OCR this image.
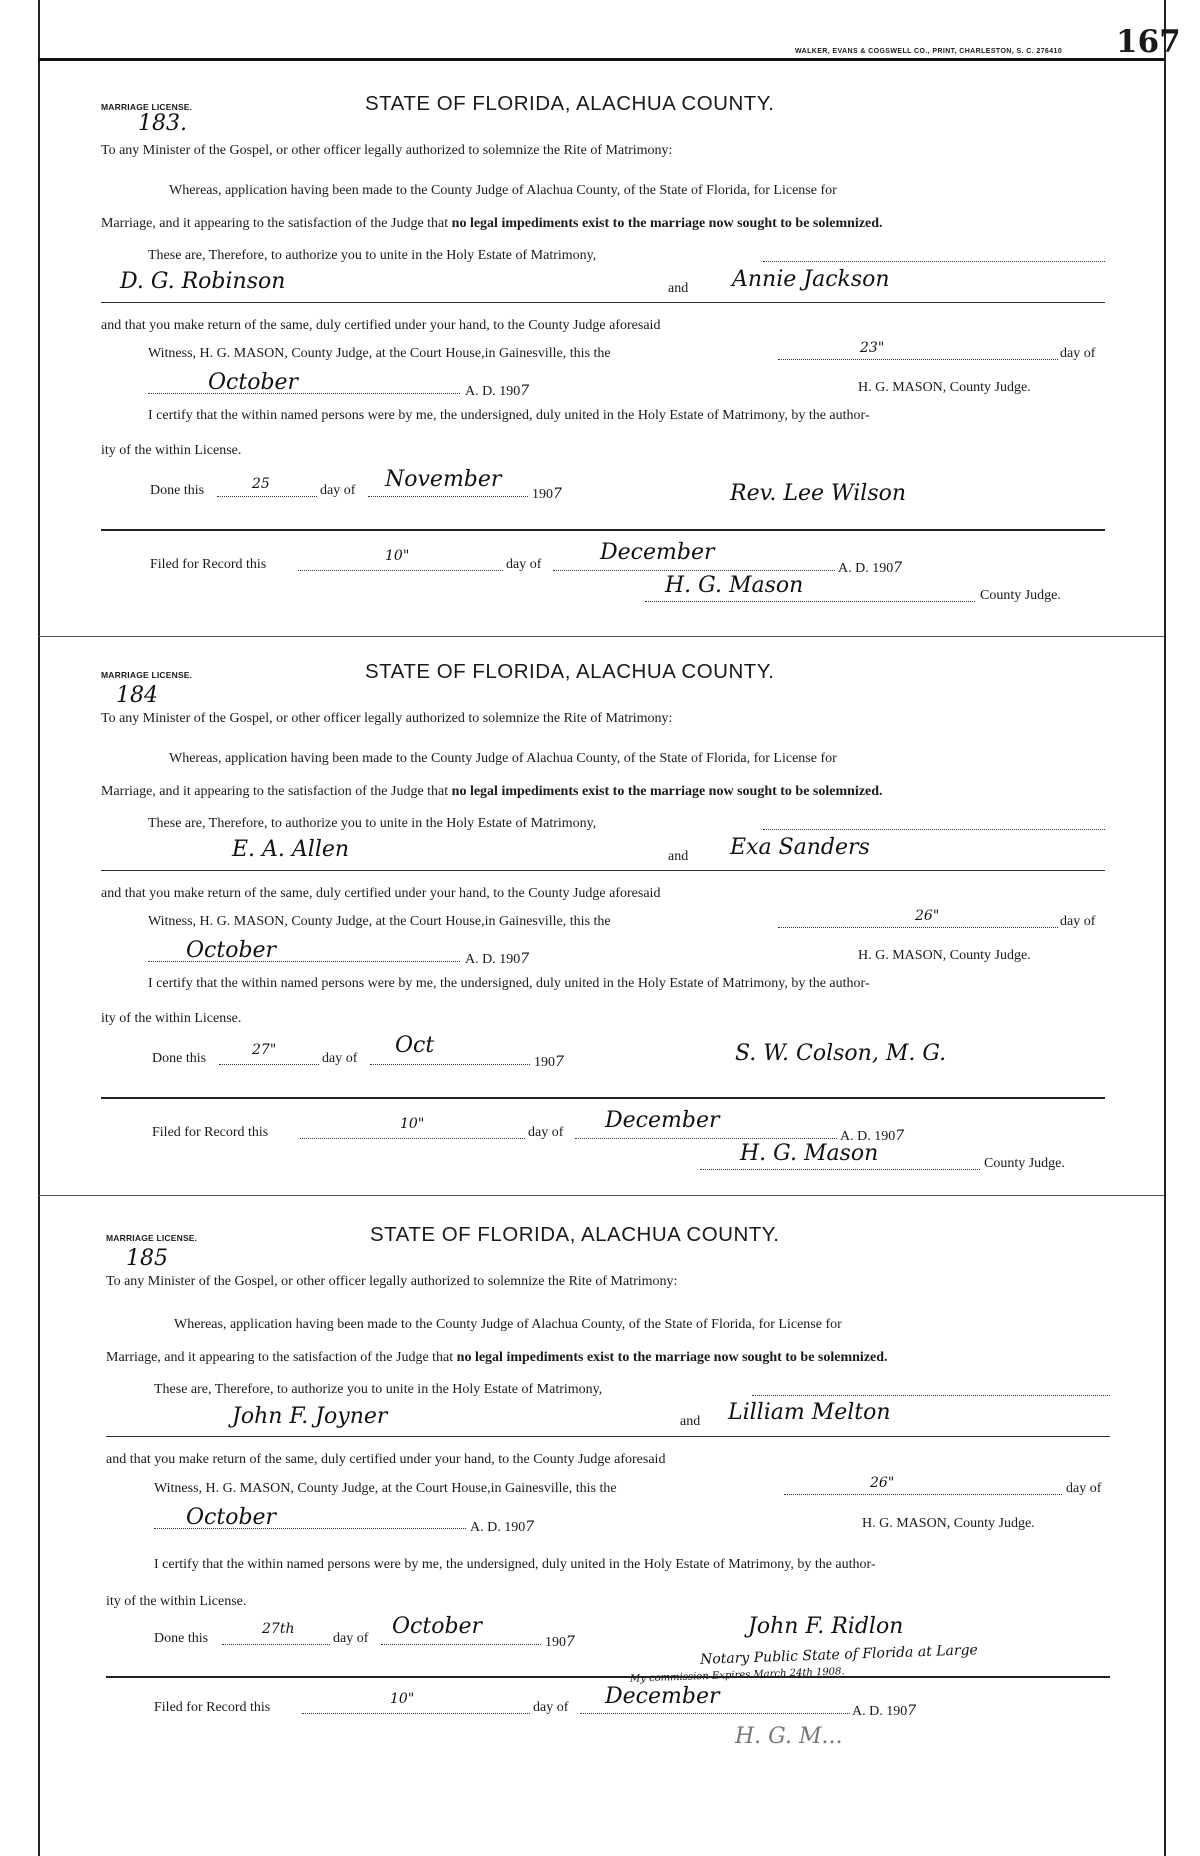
WALKER, EVANS & COGSWELL CO., PRINT, CHARLESTON, S. C. 276410 167
MARRIAGE LICENSE.
183.
STATE OF FLORIDA, ALACHUA COUNTY.
To any Minister of the Gospel, or other officer legally authorized to solemnize the Rite of Matrimony:
Whereas, application having been made to the County Judge of Alachua County, of the State of Florida, for License for
Marriage, and it appearing to the satisfaction of the Judge that no legal impediments exist to the marriage now sought to be solemnized.
These are, Therefore, to authorize you to unite in the Holy Estate of Matrimony,
D. G. Robinson	and Annie Jackson
and that you make return of the same, duly certified under your hand, to the County Judge aforesaid
Witness, H. G. MASON, County Judge, at the Court House,in Gainesville, this the	23"	day of
October	A. D. 1907	H. G. MASON, County Judge.
I certify that the within named persons were by me, the undersigned, duly united in the Holy Estate of Matrimony, by the author-
ity of the within License.
Done this	25	day of November
1907	Rev. Lee Wilson
Filed for Record this
10"
day of	December
A. D. 1907
H. G. Mason	County Judge.
MARRIAGE LICENSE.
184
STATE OF FLORIDA, ALACHUA COUNTY.
To any Minister of the Gospel, or other officer legally authorized to solemnize the Rite of Matrimony:
Whereas, application having been made to the County Judge of Alachua County, of the State of Florida, for License for
Marriage, and it appearing to the satisfaction of the Judge that no legal impediments exist to the marriage now sought to be solemnized.
These are, Therefore, to authorize you to unite in the Holy Estate of Matrimony,
E. A. Allen	and Exa Sanders
and that you make return of the same, duly certified under your hand, to the County Judge aforesaid
Witness, H. G. MASON, County Judge, at the Court House,in Gainesville, this the	26"	day of
October	A. D. 1907	H. G. MASON, County Judge.
I certify that the within named persons were by me, the undersigned, duly united in the Holy Estate of Matrimony, by the author-
ity of the within License.
Done this
27"
day of
Oct
1907	S. W. Colson, M. G.
Filed for Record this
10"
day of December
A. D. 1907
H. G. Mason	County Judge.
MARRIAGE LICENSE.
185
STATE OF FLORIDA, ALACHUA COUNTY.
To any Minister of the Gospel, or other officer legally authorized to solemnize the Rite of Matrimony:
Whereas, application having been made to the County Judge of Alachua County, of the State of Florida, for License for
Marriage, and it appearing to the satisfaction of the Judge that no legal impediments exist to the marriage now sought to be solemnized.
These are, Therefore, to authorize you to unite in the Holy Estate of Matrimony,
John F. Joyner	and Lilliam Melton
and that you make return of the same, duly certified under your hand, to the County Judge aforesaid
Witness, H. G. MASON, County Judge, at the Court House,in Gainesville, this the	26"	day of
October	A. D. 1907	H. G. MASON, County Judge.
I certify that the within named persons were by me, the undersigned, duly united in the Holy Estate of Matrimony, by the author-
ity of the within License.
Done this
27th
day of October
1907
John F. Ridlon
Notary Public State of Florida at Large
My commission Expires March 24th 1908.
Filed for Record this
10"
day of December
A. D. 1907
H. G. M...
